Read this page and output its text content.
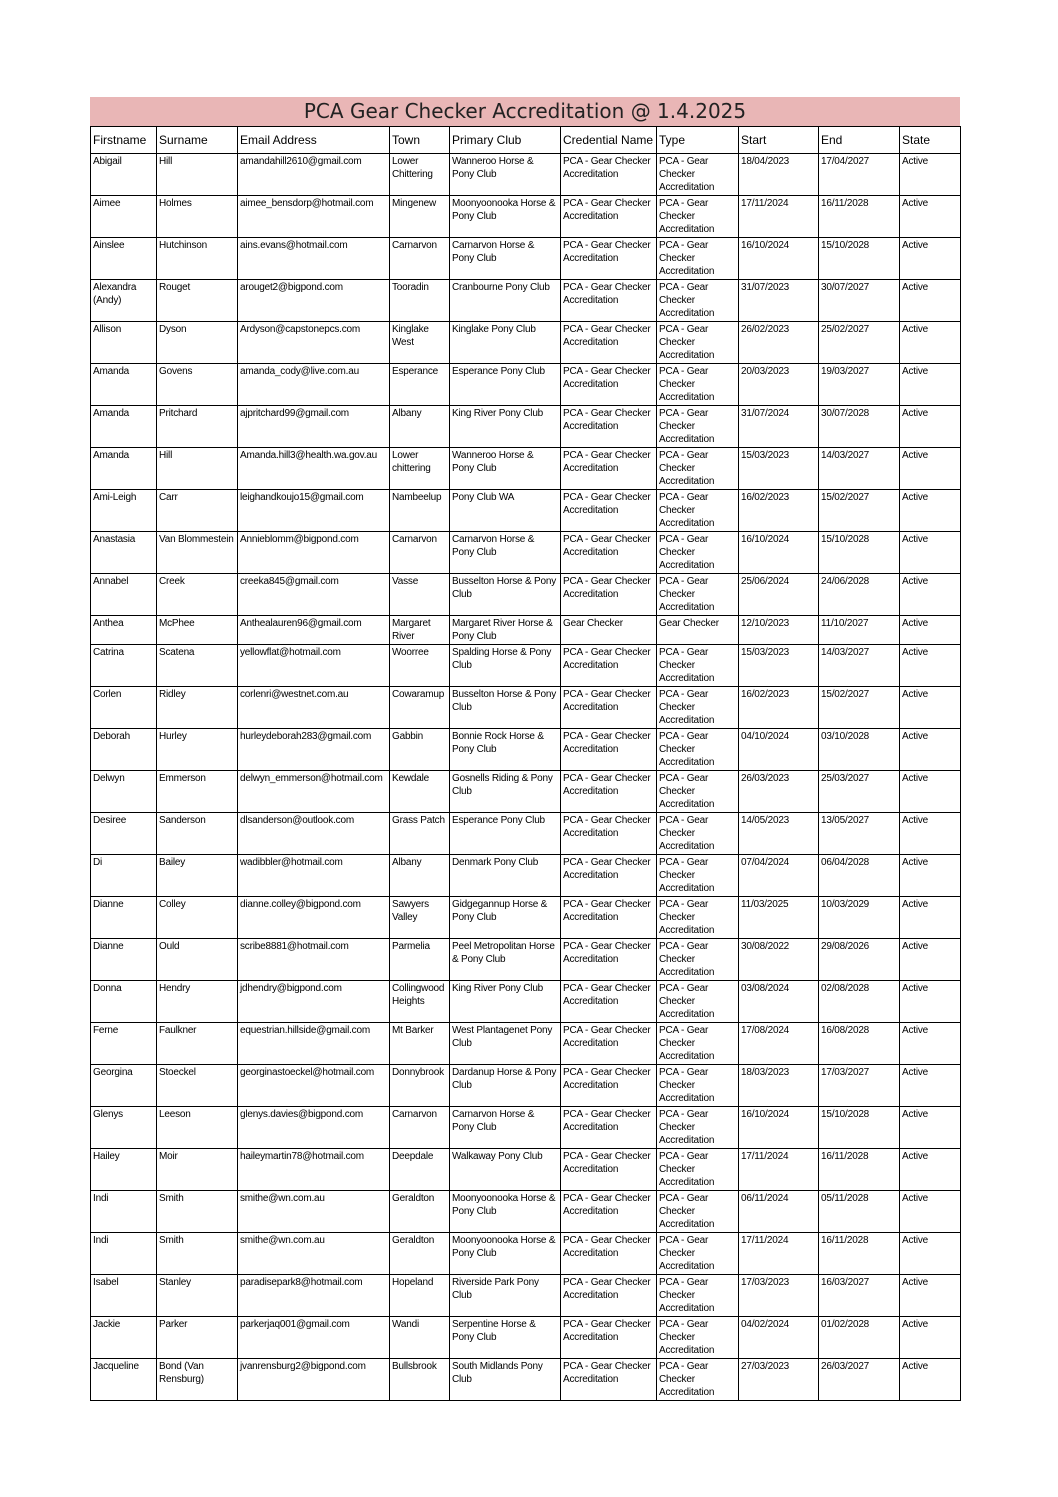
PCA Gear Checker Accreditation @ 1.4.2025
Firstname	Surname	Email Address	Town	Primary Club	Credential Name	Type	Start	End	State
Abigail	Hill	amandahill2610@gmail.com	Lower Chittering	Wanneroo Horse & Pony Club	PCA - Gear Checker Accreditation	PCA - Gear Checker Accreditation	18/04/2023	17/04/2027	Active
Aimee	Holmes	aimee_bensdorp@hotmail.com	Mingenew	Moonyoonooka Horse & Pony Club	PCA - Gear Checker Accreditation	PCA - Gear Checker Accreditation	17/11/2024	16/11/2028	Active
Ainslee	Hutchinson	ains.evans@hotmail.com	Carnarvon	Carnarvon Horse & Pony Club	PCA - Gear Checker Accreditation	PCA - Gear Checker Accreditation	16/10/2024	15/10/2028	Active
Alexandra (Andy)	Rouget	arouget2@bigpond.com	Tooradin	Cranbourne Pony Club	PCA - Gear Checker Accreditation	PCA - Gear Checker Accreditation	31/07/2023	30/07/2027	Active
Allison	Dyson	Ardyson@capstonepcs.com	Kinglake West	Kinglake Pony Club	PCA - Gear Checker Accreditation	PCA - Gear Checker Accreditation	26/02/2023	25/02/2027	Active
Amanda	Govens	amanda_cody@live.com.au	Esperance	Esperance Pony Club	PCA - Gear Checker Accreditation	PCA - Gear Checker Accreditation	20/03/2023	19/03/2027	Active
Amanda	Pritchard	ajpritchard99@gmail.com	Albany	King River Pony Club	PCA - Gear Checker Accreditation	PCA - Gear Checker Accreditation	31/07/2024	30/07/2028	Active
Amanda	Hill	Amanda.hill3@health.wa.gov.au	Lower chittering	Wanneroo Horse & Pony Club	PCA - Gear Checker Accreditation	PCA - Gear Checker Accreditation	15/03/2023	14/03/2027	Active
Ami-Leigh	Carr	leighandkoujo15@gmail.com	Nambeelup	Pony Club WA	PCA - Gear Checker Accreditation	PCA - Gear Checker Accreditation	16/02/2023	15/02/2027	Active
Anastasia	Van Blommestein	Annieblomm@bigpond.com	Carnarvon	Carnarvon Horse & Pony Club	PCA - Gear Checker Accreditation	PCA - Gear Checker Accreditation	16/10/2024	15/10/2028	Active
Annabel	Creek	creeka845@gmail.com	Vasse	Busselton Horse & Pony Club	PCA - Gear Checker Accreditation	PCA - Gear Checker Accreditation	25/06/2024	24/06/2028	Active
Anthea	McPhee	Anthealauren96@gmail.com	Margaret River	Margaret River Horse & Pony Club	Gear Checker	Gear Checker	12/10/2023	11/10/2027	Active
Catrina	Scatena	yellowflat@hotmail.com	Woorree	Spalding Horse & Pony Club	PCA - Gear Checker Accreditation	PCA - Gear Checker Accreditation	15/03/2023	14/03/2027	Active
Corlen	Ridley	corlenri@westnet.com.au	Cowaramup	Busselton Horse & Pony Club	PCA - Gear Checker Accreditation	PCA - Gear Checker Accreditation	16/02/2023	15/02/2027	Active
Deborah	Hurley	hurleydeborah283@gmail.com	Gabbin	Bonnie Rock Horse & Pony Club	PCA - Gear Checker Accreditation	PCA - Gear Checker Accreditation	04/10/2024	03/10/2028	Active
Delwyn	Emmerson	delwyn_emmerson@hotmail.com	Kewdale	Gosnells Riding & Pony Club	PCA - Gear Checker Accreditation	PCA - Gear Checker Accreditation	26/03/2023	25/03/2027	Active
Desiree	Sanderson	dlsanderson@outlook.com	Grass Patch	Esperance Pony Club	PCA - Gear Checker Accreditation	PCA - Gear Checker Accreditation	14/05/2023	13/05/2027	Active
Di	Bailey	wadibbler@hotmail.com	Albany	Denmark Pony Club	PCA - Gear Checker Accreditation	PCA - Gear Checker Accreditation	07/04/2024	06/04/2028	Active
Dianne	Colley	dianne.colley@bigpond.com	Sawyers Valley	Gidgegannup Horse & Pony Club	PCA - Gear Checker Accreditation	PCA - Gear Checker Accreditation	11/03/2025	10/03/2029	Active
Dianne	Ould	scribe8881@hotmail.com	Parmelia	Peel Metropolitan Horse & Pony Club	PCA - Gear Checker Accreditation	PCA - Gear Checker Accreditation	30/08/2022	29/08/2026	Active
Donna	Hendry	jdhendry@bigpond.com	Collingwood Heights	King River Pony Club	PCA - Gear Checker Accreditation	PCA - Gear Checker Accreditation	03/08/2024	02/08/2028	Active
Ferne	Faulkner	equestrian.hillside@gmail.com	Mt Barker	West Plantagenet Pony Club	PCA - Gear Checker Accreditation	PCA - Gear Checker Accreditation	17/08/2024	16/08/2028	Active
Georgina	Stoeckel	georginastoeckel@hotmail.com	Donnybrook	Dardanup Horse & Pony Club	PCA - Gear Checker Accreditation	PCA - Gear Checker Accreditation	18/03/2023	17/03/2027	Active
Glenys	Leeson	glenys.davies@bigpond.com	Carnarvon	Carnarvon Horse & Pony Club	PCA - Gear Checker Accreditation	PCA - Gear Checker Accreditation	16/10/2024	15/10/2028	Active
Hailey	Moir	haileymartin78@hotmail.com	Deepdale	Walkaway Pony Club	PCA - Gear Checker Accreditation	PCA - Gear Checker Accreditation	17/11/2024	16/11/2028	Active
Indi	Smith	smithe@wn.com.au	Geraldton	Moonyoonooka Horse & Pony Club	PCA - Gear Checker Accreditation	PCA - Gear Checker Accreditation	06/11/2024	05/11/2028	Active
Indi	Smith	smithe@wn.com.au	Geraldton	Moonyoonooka Horse & Pony Club	PCA - Gear Checker Accreditation	PCA - Gear Checker Accreditation	17/11/2024	16/11/2028	Active
Isabel	Stanley	paradisepark8@hotmail.com	Hopeland	Riverside Park Pony Club	PCA - Gear Checker Accreditation	PCA - Gear Checker Accreditation	17/03/2023	16/03/2027	Active
Jackie	Parker	parkerjaq001@gmail.com	Wandi	Serpentine Horse & Pony Club	PCA - Gear Checker Accreditation	PCA - Gear Checker Accreditation	04/02/2024	01/02/2028	Active
Jacqueline	Bond (Van Rensburg)	jvanrensburg2@bigpond.com	Bullsbrook	South Midlands Pony Club	PCA - Gear Checker Accreditation	PCA - Gear Checker Accreditation	27/03/2023	26/03/2027	Active
